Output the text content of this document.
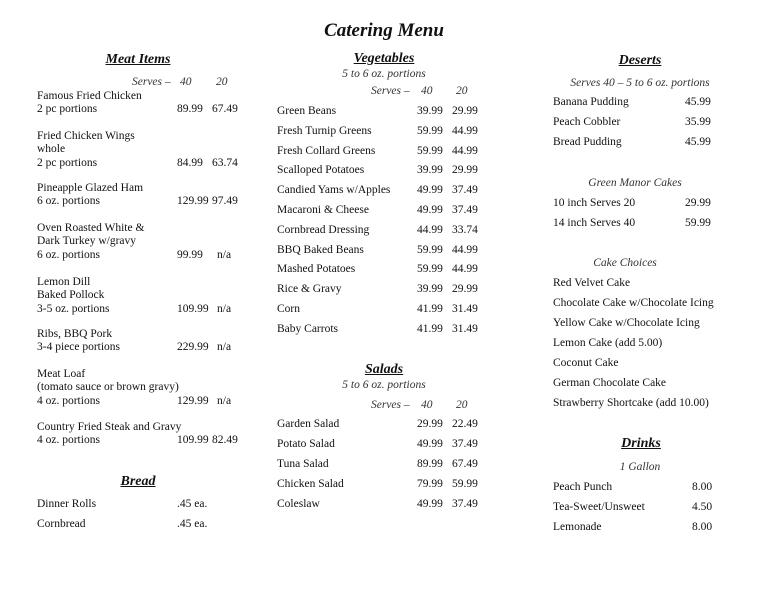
Catering Menu
Meat Items
Serves – 40 20
Famous Fried Chicken
2 pc portions	89.99 67.49
Fried Chicken Wings
whole
2 pc portions	84.99 63.74
Pineapple Glazed Ham
6 oz. portions	129.99 97.49
Oven Roasted White &
Dark Turkey w/gravy
6 oz. portions	99.99 n/a
Lemon Dill
Baked Pollock
3-5 oz. portions	109.99 n/a
Ribs, BBQ Pork
3-4 piece portions	229.99 n/a
Meat Loaf
(tomato sauce or brown gravy)
4 oz. portions	129.99 n/a
Country Fried Steak and Gravy
4 oz. portions	109.99 82.49
Bread
Dinner Rolls	.45 ea.
Cornbread	.45 ea.
Vegetables
5 to 6 oz. portions
Serves – 40 20
Green Beans	39.99 29.99
Fresh Turnip Greens	59.99 44.99
Fresh Collard Greens	59.99 44.99
Scalloped Potatoes	39.99 29.99
Candied Yams w/Apples 49.99 37.49
Macaroni & Cheese	49.99 37.49
Cornbread Dressing	44.99 33.74
BBQ Baked Beans	59.99 44.99
Mashed Potatoes	59.99 44.99
Rice & Gravy	39.99 29.99
Corn	41.99 31.49
Baby Carrots	41.99 31.49
Salads
5 to 6 oz. portions
Serves – 40 20
Garden Salad	29.99 22.49
Potato Salad	49.99 37.49
Tuna Salad	89.99 67.49
Chicken Salad	79.99 59.99
Coleslaw	49.99 37.49
Deserts
Serves 40 – 5 to 6 oz. portions
Banana Pudding	45.99
Peach Cobbler	35.99
Bread Pudding	45.99
Green Manor Cakes
10 inch Serves 20	29.99
14 inch Serves 40	59.99
Cake Choices
Red Velvet Cake
Chocolate Cake w/Chocolate Icing
Yellow Cake w/Chocolate Icing
Lemon Cake (add 5.00)
Coconut Cake
German Chocolate Cake
Strawberry Shortcake (add 10.00)
Drinks
1 Gallon
Peach Punch	8.00
Tea-Sweet/Unsweet	4.50
Lemonade	8.00
